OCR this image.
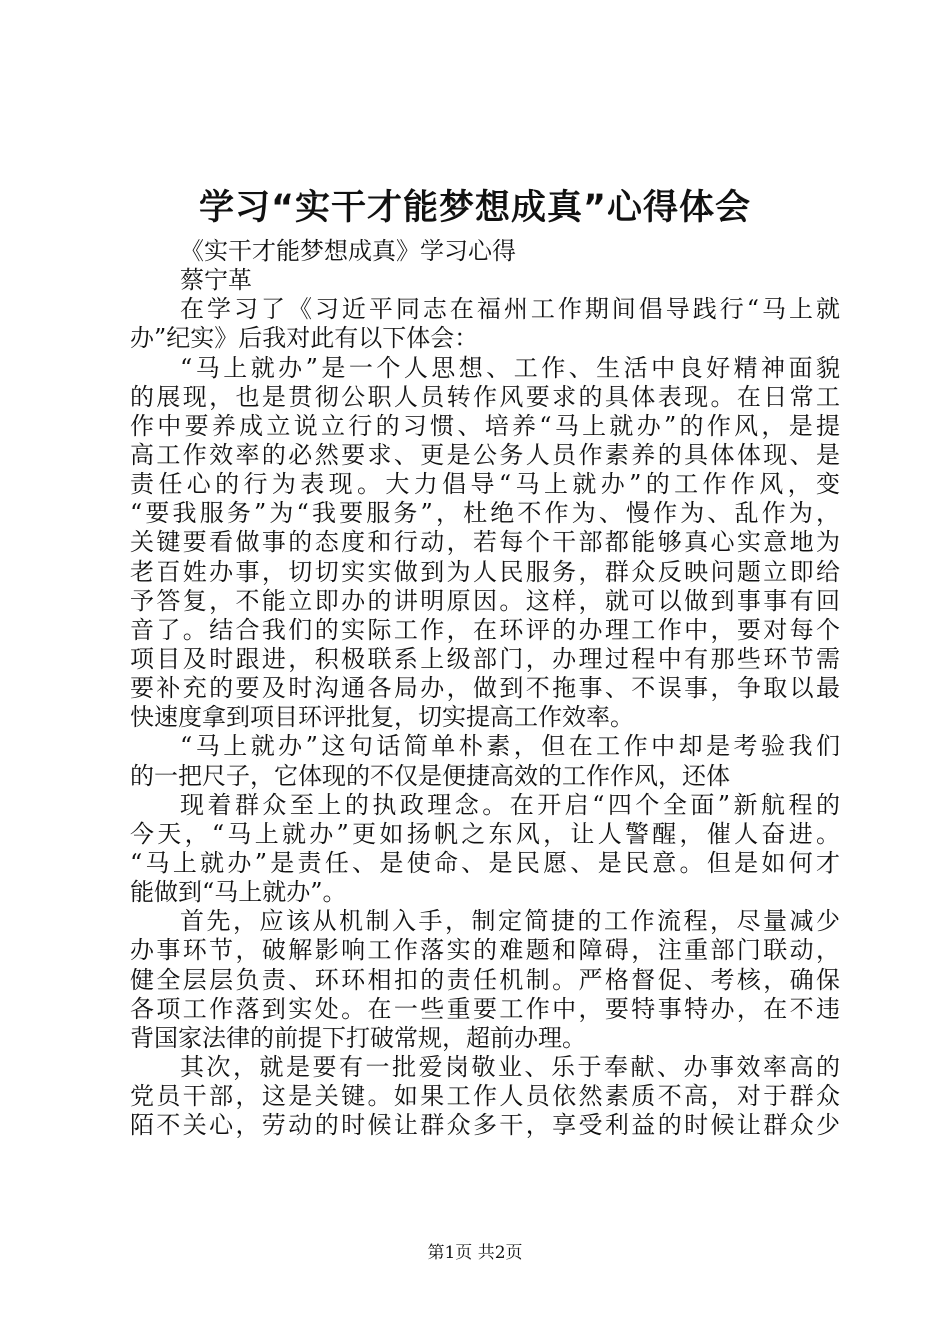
学习“实干才能梦想成真”心得体会
《实干才能梦想成真》学习心得
蔡宁革
在学习了《习近平同志在福州工作期间倡导践行“马上就
办”纪实》后我对此有以下体会：
“马上就办”是一个人思想、工作、生活中良好精神面貌
的展现，也是贯彻公职人员转作风要求的具体表现。在日常工
作中要养成立说立行的习惯、培养“马上就办”的作风，是提
高工作效率的必然要求、更是公务人员作素养的具体体现、是
责任心的行为表现。大力倡导“马上就办”的工作作风，变
“要我服务”为“我要服务”，杜绝不作为、慢作为、乱作为，
关键要看做事的态度和行动，若每个干部都能够真心实意地为
老百姓办事，切切实实做到为人民服务，群众反映问题立即给
予答复，不能立即办的讲明原因。这样，就可以做到事事有回
音了。结合我们的实际工作，在环评的办理工作中，要对每个
项目及时跟进，积极联系上级部门，办理过程中有那些环节需
要补充的要及时沟通各局办，做到不拖事、不误事，争取以最
快速度拿到项目环评批复，切实提高工作效率。
“马上就办”这句话简单朴素，但在工作中却是考验我们
的一把尺子，它体现的不仅是便捷高效的工作作风，还体
现着群众至上的执政理念。在开启“四个全面”新航程的
今天，“马上就办”更如扬帆之东风，让人警醒，催人奋进。
“马上就办”是责任、是使命、是民愿、是民意。但是如何才
能做到“马上就办”。
首先，应该从机制入手，制定简捷的工作流程，尽量减少
办事环节，破解影响工作落实的难题和障碍，注重部门联动，
健全层层负责、环环相扣的责任机制。严格督促、考核，确保
各项工作落到实处。在一些重要工作中，要特事特办，在不违
背国家法律的前提下打破常规，超前办理。
其次，就是要有一批爱岗敬业、乐于奉献、办事效率高的
党员干部，这是关键。如果工作人员依然素质不高，对于群众
陌不关心，劳动的时候让群众多干，享受利益的时候让群众少
第1页 共2页
